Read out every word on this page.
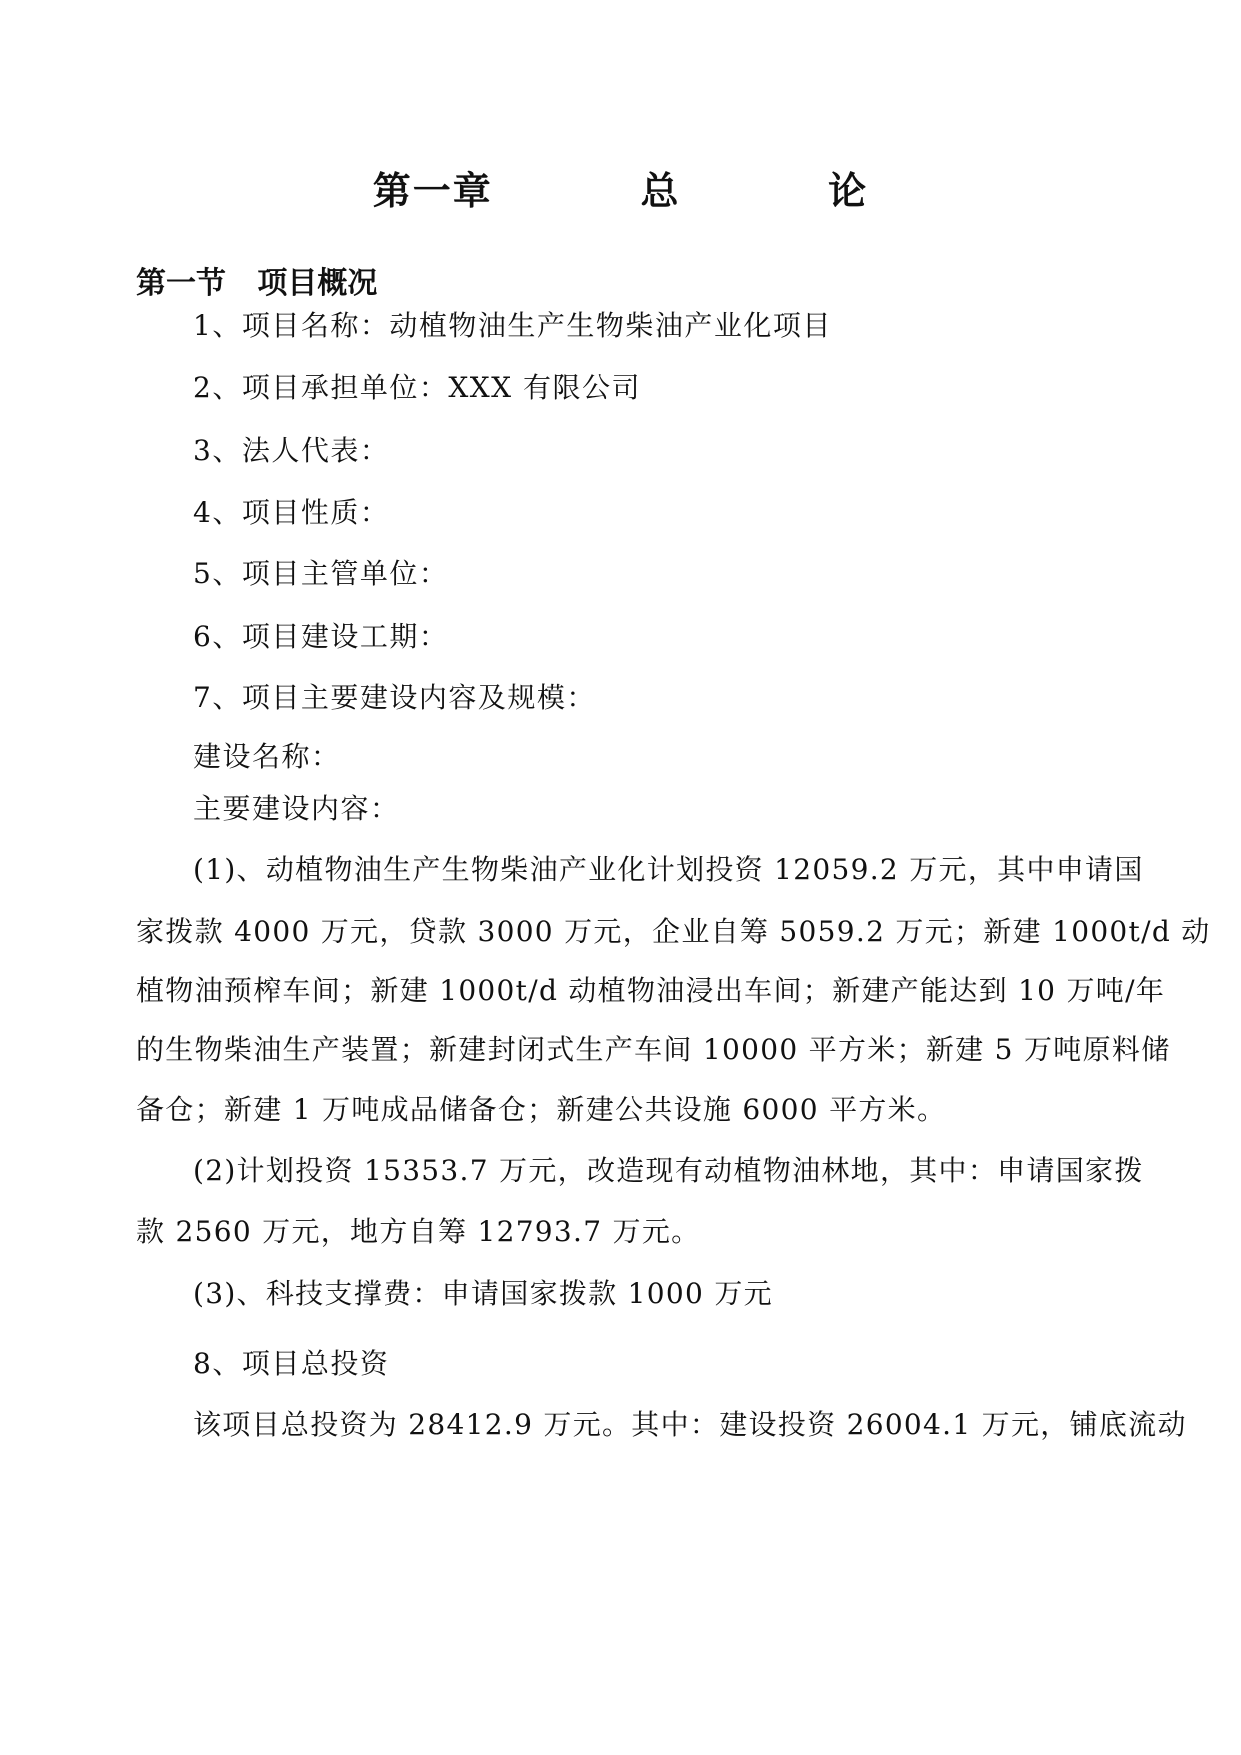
第一章   总   论
第一节   项目概况
1、项目名称：动植物油生产生物柴油产业化项目
2、项目承担单位：XXX 有限公司
3、法人代表：
4、项目性质：
5、项目主管单位：
6、项目建设工期：
7、项目主要建设内容及规模：
建设名称：
主要建设内容：
(1)、动植物油生产生物柴油产业化计划投资 12059.2 万元，其中申请国
家拨款 4000 万元，贷款 3000 万元，企业自筹 5059.2 万元；新建 1000t/d 动
植物油预榨车间；新建 1000t/d 动植物油浸出车间；新建产能达到 10 万吨/年
的生物柴油生产装置；新建封闭式生产车间 10000 平方米；新建 5 万吨原料储
备仓；新建 1 万吨成品储备仓；新建公共设施 6000 平方米。
(2)计划投资 15353.7 万元，改造现有动植物油林地，其中：申请国家拨
款 2560 万元，地方自筹 12793.7 万元。
(3)、科技支撑费：申请国家拨款 1000 万元
8、项目总投资
该项目总投资为 28412.9 万元。其中：建设投资 26004.1 万元，铺底流动
